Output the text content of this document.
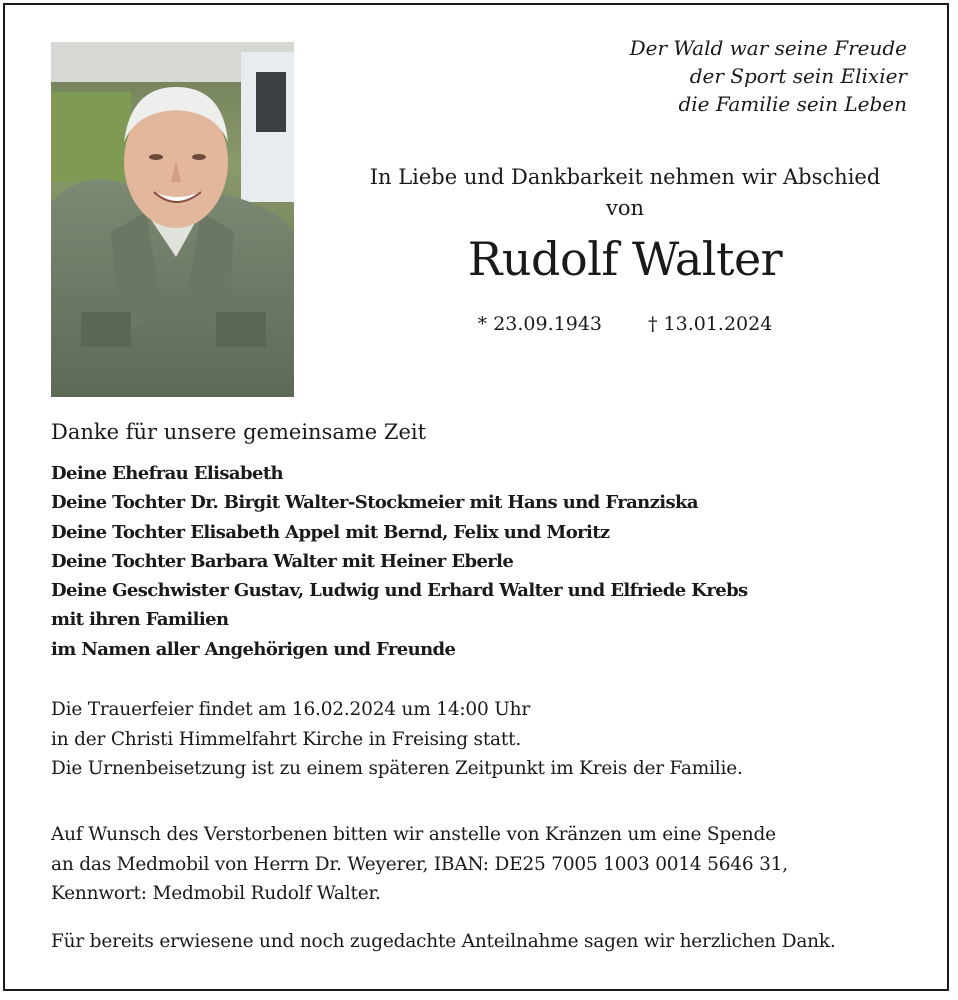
Der Wald war seine Freude
der Sport sein Elixier
die Familie sein Leben
In Liebe und Dankbarkeit nehmen wir Abschied
von
Rudolf Walter
* 23.09.1943 † 13.01.2024
Danke für unsere gemeinsame Zeit
Deine Ehefrau Elisabeth
Deine Tochter Dr. Birgit Walter-Stockmeier mit Hans und Franziska
Deine Tochter Elisabeth Appel mit Bernd, Felix und Moritz
Deine Tochter Barbara Walter mit Heiner Eberle
Deine Geschwister Gustav, Ludwig und Erhard Walter und Elfriede Krebs
mit ihren Familien
im Namen aller Angehörigen und Freunde
Die Trauerfeier findet am 16.02.2024 um 14:00 Uhr
in der Christi Himmelfahrt Kirche in Freising statt.
Die Urnenbeisetzung ist zu einem späteren Zeitpunkt im Kreis der Familie.
Auf Wunsch des Verstorbenen bitten wir anstelle von Kränzen um eine Spende
an das Medmobil von Herrn Dr. Weyerer, IBAN: DE25 7005 1003 0014 5646 31,
Kennwort: Medmobil Rudolf Walter.
Für bereits erwiesene und noch zugedachte Anteilnahme sagen wir herzlichen Dank.
